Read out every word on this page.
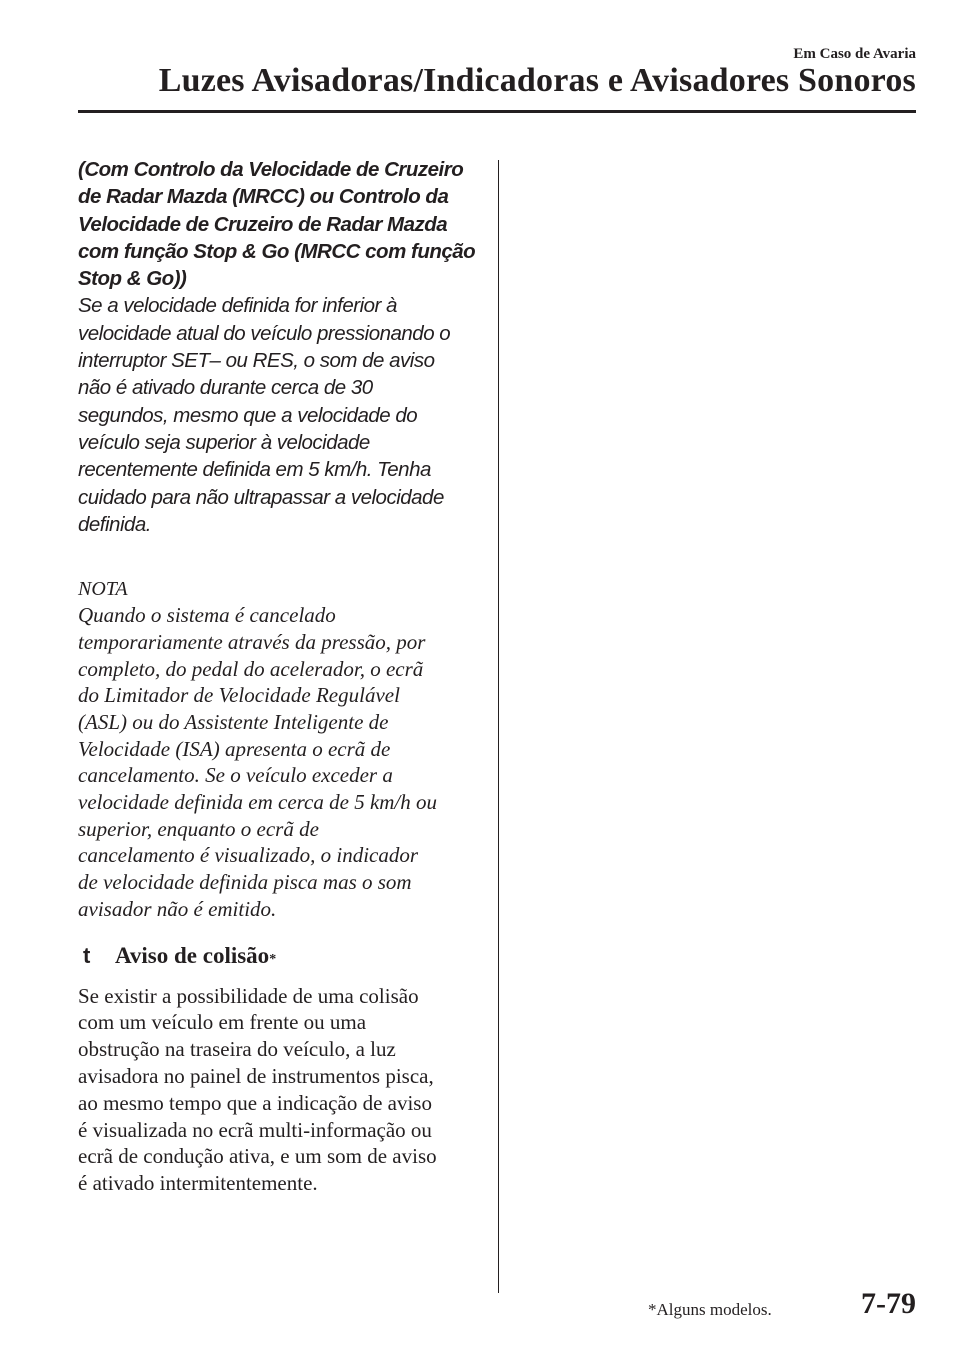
Em Caso de Avaria
Luzes Avisadoras/Indicadoras e Avisadores Sonoros
(Com Controlo da Velocidade de Cruzeiro
de Radar Mazda (MRCC) ou Controlo da
Velocidade de Cruzeiro de Radar Mazda
com função Stop & Go (MRCC com função
Stop & Go))
Se a velocidade definida for inferior à
velocidade atual do veículo pressionando o
interruptor SET– ou RES, o som de aviso
não é ativado durante cerca de 30
segundos, mesmo que a velocidade do
veículo seja superior à velocidade
recentemente definida em 5 km/h. Tenha
cuidado para não ultrapassar a velocidade
definida.
NOTA
Quando o sistema é cancelado
temporariamente através da pressão, por
completo, do pedal do acelerador, o ecrã
do Limitador de Velocidade Regulável
(ASL) ou do Assistente Inteligente de
Velocidade (ISA) apresenta o ecrã de
cancelamento. Se o veículo exceder a
velocidade definida em cerca de 5 km/h ou
superior, enquanto o ecrã de
cancelamento é visualizado, o indicador
de velocidade definida pisca mas o som
avisador não é emitido.
t	Aviso de colisão *
Se existir a possibilidade de uma colisão
com um veículo em frente ou uma
obstrução na traseira do veículo, a luz
avisadora no painel de instrumentos pisca,
ao mesmo tempo que a indicação de aviso
é visualizada no ecrã multi-informação ou
ecrã de condução ativa, e um som de aviso
é ativado intermitentemente.
*Alguns modelos.	7-79
